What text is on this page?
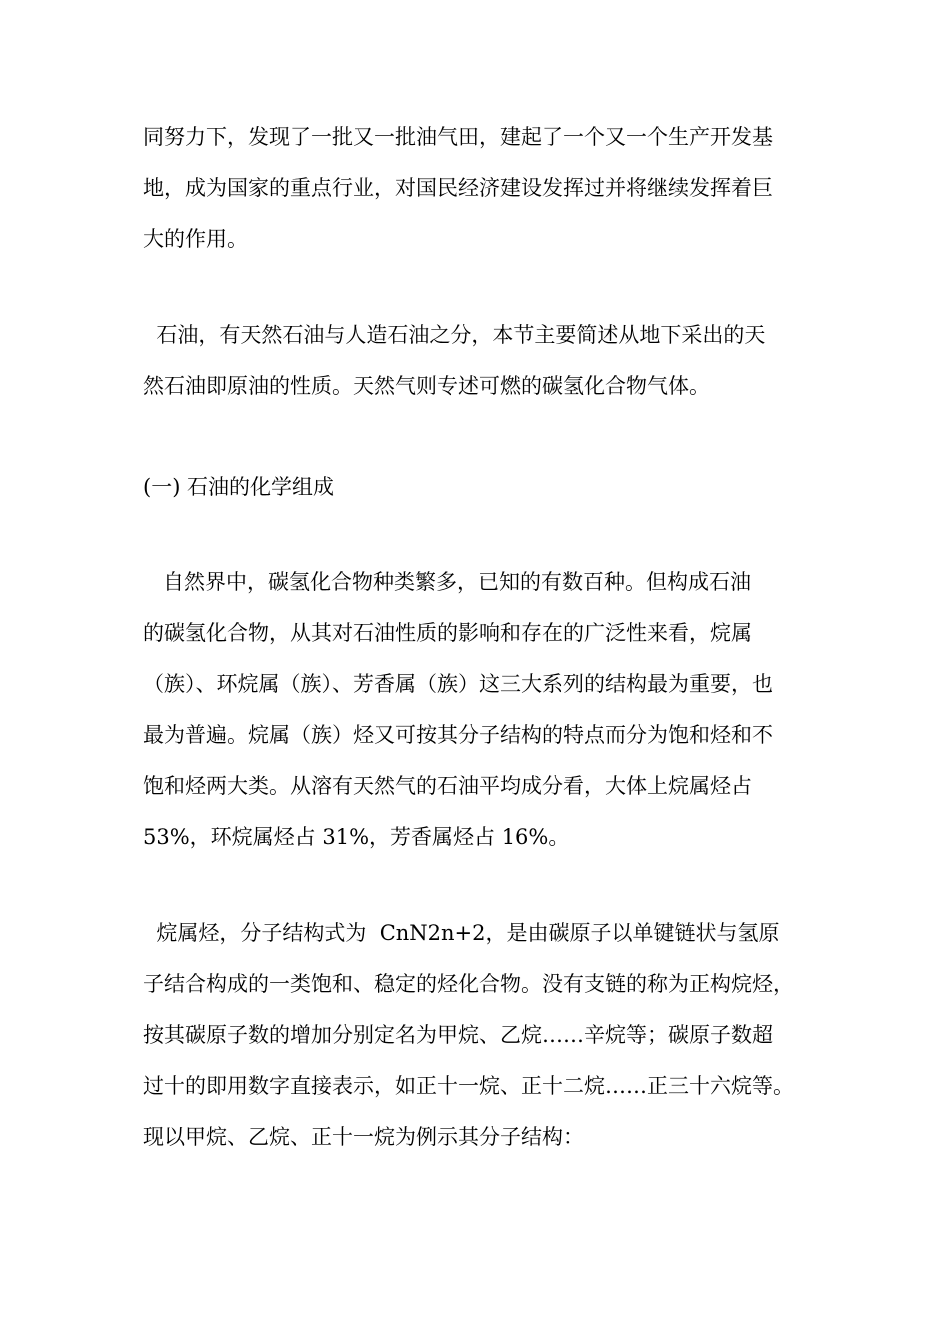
同努力下，发现了一批又一批油气田，建起了一个又一个生产开发基
地，成为国家的重点行业，对国民经济建设发挥过并将继续发挥着巨
大的作用。
石油，有天然石油与人造石油之分，本节主要简述从地下采出的天
然石油即原油的性质。天然气则专述可燃的碳氢化合物气体。
(一) 石油的化学组成
自然界中，碳氢化合物种类繁多，已知的有数百种。但构成石油
的碳氢化合物，从其对石油性质的影响和存在的广泛性来看，烷属
（族）、环烷属（族）、芳香属（族）这三大系列的结构最为重要，也
最为普遍。烷属（族）烃又可按其分子结构的特点而分为饱和烃和不
饱和烃两大类。从溶有天然气的石油平均成分看，大体上烷属烃占
53%，环烷属烃占 31%，芳香属烃占 16%。
烷属烃，分子结构式为  CnN2n+2，是由碳原子以单键链状与氢原
子结合构成的一类饱和、稳定的烃化合物。没有支链的称为正构烷烃，
按其碳原子数的增加分别定名为甲烷、乙烷……辛烷等；碳原子数超
过十的即用数字直接表示，如正十一烷、正十二烷……正三十六烷等。
现以甲烷、乙烷、正十一烷为例示其分子结构：
